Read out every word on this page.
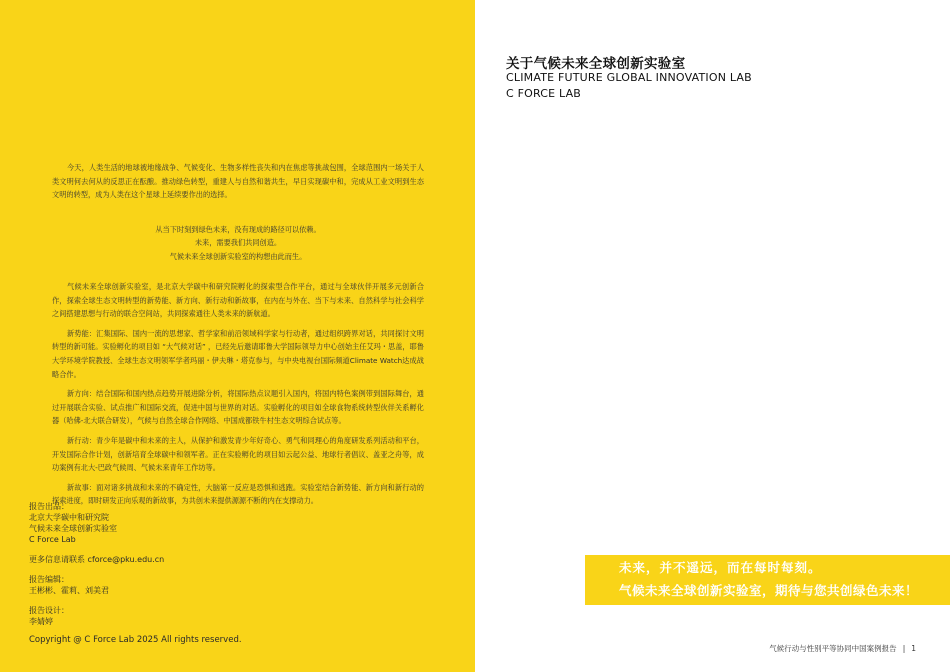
报告出品：
北京大学碳中和研究院
气候未来全球创新实验室
C Force Lab
更多信息请联系 cforce@pku.edu.cn
报告编辑：
王彬彬、霍莉、刘美君
报告设计：
李婧婷
Copyright @ C Force Lab 2025 All rights reserved.
关于气候未来全球创新实验室
CLIMATE FUTURE GLOBAL INNOVATION LAB
C FORCE LAB

今天，人类生活的地球被地缘战争、气候变化、生物多样性丧失和内在焦虑等挑战包围，全球范围内一场关于人类文明何去何从的反思正在酝酿。推动绿色转型，重建人与自然和谐共生，早日实现碳中和，完成从工业文明到生态文明的转型，成为人类在这个星球上延续要作出的选择。

从当下时刻到绿色未来，没有现成的路径可以依赖。
未来，需要我们共同创造。
气候未来全球创新实验室的构想由此而生。

气候未来全球创新实验室，是北京大学碳中和研究院孵化的探索型合作平台，通过与全球伙伴开展多元创新合作，探索全球生态文明转型的新势能、新方向、新行动和新故事，在内在与外在、当下与未来、自然科学与社会科学之间搭建思想与行动的联合空间站，共同探索通往人类未来的新航道。

新势能：汇集国际、国内一流的思想家、哲学家和前沿领域科学家与行动者，通过组织跨界对话，共同探讨文明转型的新可能。实验孵化的项目如 “大气候对话” ，已经先后邀请耶鲁大学国际领导力中心创始主任艾玛・思盖，耶鲁大学环境学院教授、全球生态文明领军学者玛丽・伊夫琳・塔克参与，与中央电视台国际频道Climate Watch达成战略合作。

新方向：结合国际和国内热点趋势开展进除分析，将国际热点议题引入国内，将国内特色案例带到国际舞台，通过开展联合实验、试点推广和国际交流，促进中国与世界的对话。实验孵化的项目如全球食物系统转型伙伴关系孵化器（哈佛-北大联合研发），气候与自然全球合作网络、中国成都铁牛村生态文明综合试点等。

新行动：青少年是碳中和未来的主人，从保护和激发青少年好奇心、勇气和同理心的角度研发系列活动和平台，开发国际合作计划，创新培育全球碳中和领军者。正在实验孵化的项目如云起公益、地球行者倡议、盖亚之舟等，成功案例有北大-巴政气候周、气候未来青年工作坊等。

新故事：面对诸多挑战和未来的不确定性，大脑第一反应是恐惧和逃跑。实验室结合新势能、新方向和新行动的探索进度，即时研发正向乐观的新故事，为共创未来提供源源不断的内在支撑动力。

未来，并不遥远，而在每时每刻。
气候未来全球创新实验室，期待与您共创绿色未来！
气候行动与性别平等协同中国案例报告 | 1
